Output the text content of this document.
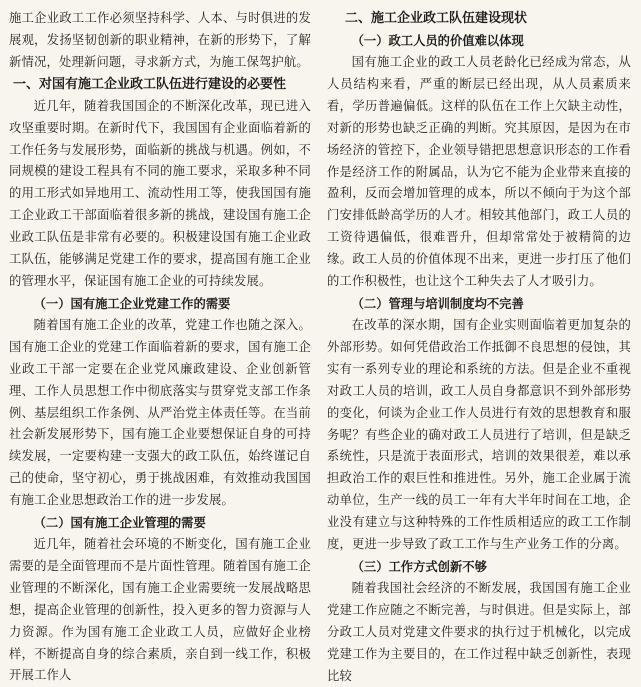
施工企业政工工作必须坚持科学、人本、与时俱进的发展观，发扬坚韧创新的职业精神，在新的形势下，了解新情况，处理新问题，寻求新方式，为施工保驾护航。

一、对国有施工企业政工队伍进行建设的必要性

近几年，随着我国国企的不断深化改革，现已进入攻坚重要时期。在新时代下，我国国有企业面临着新的工作任务与发展形势，面临新的挑战与机遇。例如，不同规模的建设工程具有不同的施工要求，采取多种不同的用工形式如异地用工、流动性用工等，使我国国有施工企业政工干部面临着很多新的挑战，建设国有施工企业政工队伍是非常有必要的。积极建设国有施工企业政工队伍，能够满足党建工作的要求，提高国有施工企业的管理水平，保证国有施工企业的可持续发展。

（一）国有施工企业党建工作的需要

随着国有施工企业的改革，党建工作也随之深入。国有施工企业的党建工作面临着新的要求，国有施工企业政工干部一定要在企业党风廉政建设、企业创新管理、工作人员思想工作中彻底落实与贯穿党支部工作条例、基层组织工作条例、从严治党主体责任等。在当前社会新发展形势下，国有施工企业要想保证自身的可持续发展，一定要构建一支强大的政工队伍，始终谨记自己的使命，坚守初心，勇于挑战困难，有效推动我国国有施工企业思想政治工作的进一步发展。

（二）国有施工企业管理的需要

近几年，随着社会环境的不断变化，国有施工企业需要的是全面管理而不是片面性管理。随着国有施工企业管理的不断深化，国有施工企业需要统一发展战略思想，提高企业管理的创新性，投入更多的智力资源与人力资源。作为国有施工企业政工人员，应做好企业榜样，不断提高自身的综合素质，亲自到一线工作，积极开展工作人

二、施工企业政工队伍建设现状
（一）政工人员的价值难以体现

国有施工企业的政工人员老龄化已经成为常态，从人员结构来看，严重的断层已经出现，从人员素质来看，学历普遍偏低。这样的队伍在工作上欠缺主动性，对新的形势也缺乏正确的判断。究其原因，是因为在市场经济的管控下，企业领导错把思想意识形态的工作看作是经济工作的附属品，认为它不能为企业带来直接的盈利，反而会增加管理的成本，所以不倾向于为这个部门安排低龄高学历的人才。相较其他部门，政工人员的工资待遇偏低，很难晋升，但却常常处于被精简的边缘。政工人员的价值体现不出来，更进一步打压了他们的工作积极性，也让这个工种失去了人才吸引力。

（二）管理与培训制度均不完善

在改革的深水期，国有企业实则面临着更加复杂的外部形势。如何凭借政治工作抵御不良思想的侵蚀，其实有一系列专业的理论和系统的方法。但是企业不重视对政工人员的培训，政工人员自身都意识不到外部形势的变化，何谈为企业工作人员进行有效的思想教育和服务呢？有些企业的确对政工人员进行了培训，但是缺乏系统性，只是流于表面形式，培训的效果很差，难以承担政治工作的艰巨性和推进性。另外，施工企业属于流动单位，生产一线的员工一年有大半年时间在工地，企业没有建立与这种特殊的工作性质相适应的政工工作制度，更进一步导致了政工工作与生产业务工作的分离。

（三）工作方式创新不够

随着我国社会经济的不断发展，我国国有施工企业党建工作应随之不断完善，与时俱进。但是实际上，部分政工人员对党建文件要求的执行过于机械化，以完成党建工作为主要目的，在工作过程中缺乏创新性，表现比较
